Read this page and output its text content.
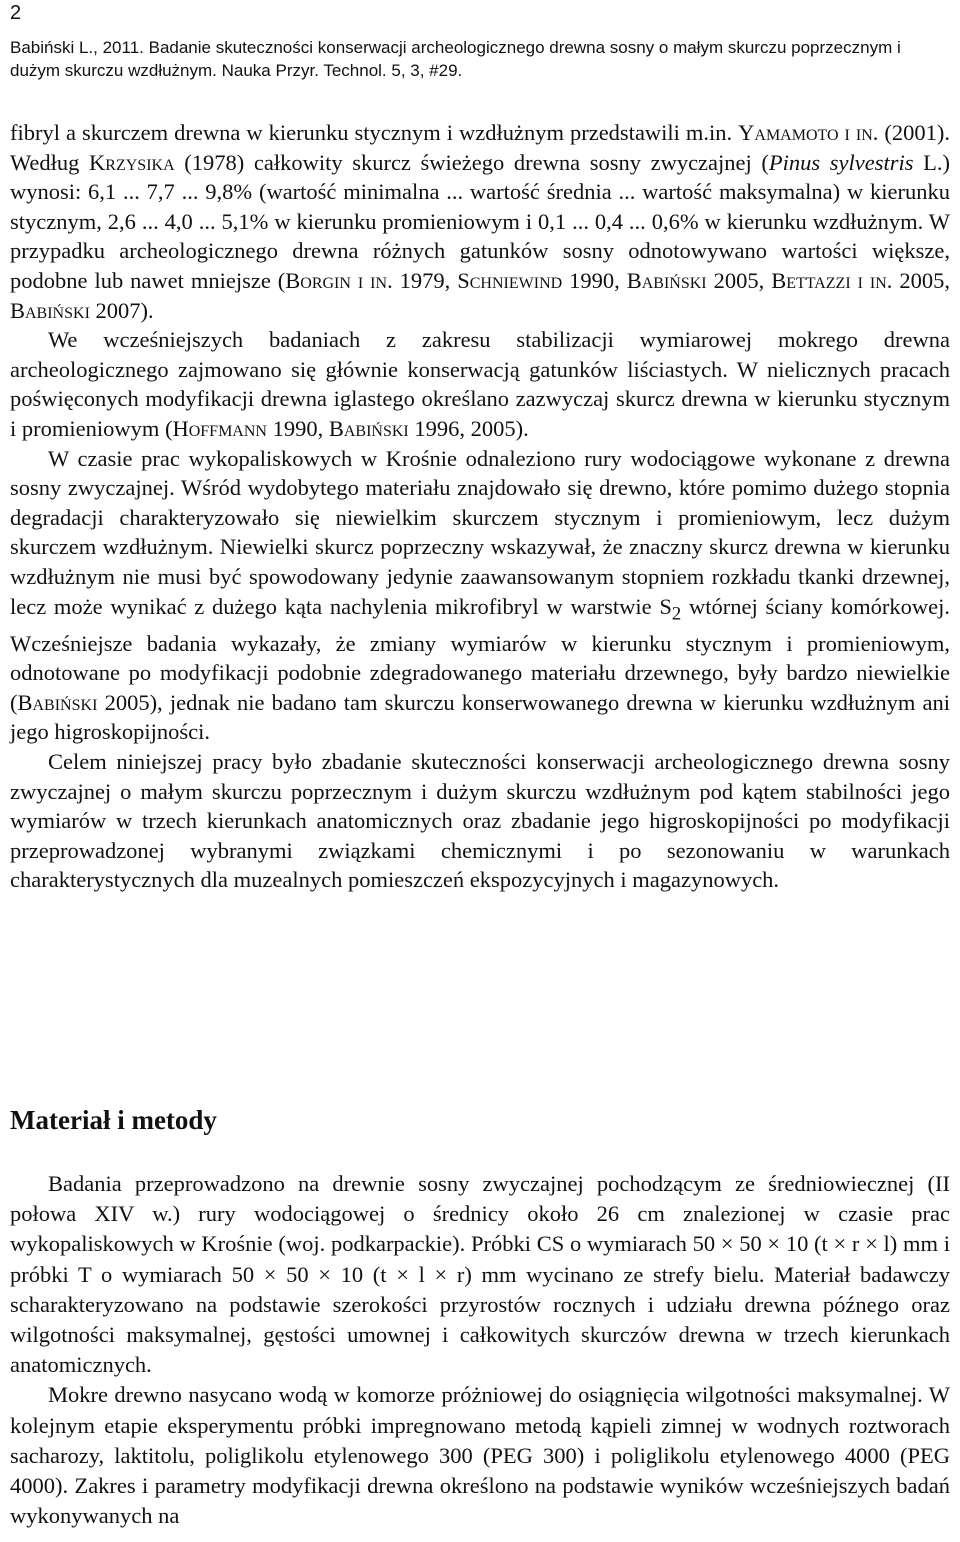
2
Babiński L., 2011. Badanie skuteczności konserwacji archeologicznego drewna sosny o małym skurczu poprzecznym i dużym skurczu wzdłużnym. Nauka Przyr. Technol. 5, 3, #29.

fibryl a skurczem drewna w kierunku stycznym i wzdłużnym przedstawili m.in. Yamamoto i in. (2001). Według Krzysika (1978) całkowity skurcz świeżego drewna sosny zwyczajnej (Pinus sylvestris L.) wynosi: 6,1 ... 7,7 ... 9,8% (wartość minimalna ... wartość średnia ... wartość maksymalna) w kierunku stycznym, 2,6 ... 4,0 ... 5,1% w kierunku promieniowym i 0,1 ... 0,4 ... 0,6% w kierunku wzdłużnym. W przypadku archeologicznego drewna różnych gatunków sosny odnotowywano wartości większe, podobne lub nawet mniejsze (Borgin i in. 1979, Schniewind 1990, Babiński 2005, Bettazzi i in. 2005, Babiński 2007).

We wcześniejszych badaniach z zakresu stabilizacji wymiarowej mokrego drewna archeologicznego zajmowano się głównie konserwacją gatunków liściastych. W nielicznych pracach poświęconych modyfikacji drewna iglastego określano zazwyczaj skurcz drewna w kierunku stycznym i promieniowym (Hoffmann 1990, Babiński 1996, 2005).

W czasie prac wykopaliskowych w Krośnie odnaleziono rury wodociągowe wykonane z drewna sosny zwyczajnej. Wśród wydobytego materiału znajdowało się drewno, które pomimo dużego stopnia degradacji charakteryzowało się niewielkim skurczem stycznym i promieniowym, lecz dużym skurczem wzdłużnym. Niewielki skurcz poprzeczny wskazywał, że znaczny skurcz drewna w kierunku wzdłużnym nie musi być spowodowany jedynie zaawansowanym stopniem rozkładu tkanki drzewnej, lecz może wynikać z dużego kąta nachylenia mikrofibryl w warstwie $S_2$ wtórnej ściany komórkowej. Wcześniejsze badania wykazały, że zmiany wymiarów w kierunku stycznym i promieniowym, odnotowane po modyfikacji podobnie zdegradowanego materiału drzewnego, były bardzo niewielkie (Babiński 2005), jednak nie badano tam skurczu konserwowanego drewna w kierunku wzdłużnym ani jego higroskopijności.

Celem niniejszej pracy było zbadanie skuteczności konserwacji archeologicznego drewna sosny zwyczajnej o małym skurczu poprzecznym i dużym skurczu wzdłużnym pod kątem stabilności jego wymiarów w trzech kierunkach anatomicznych oraz zbadanie jego higroskopijności po modyfikacji przeprowadzonej wybranymi związkami chemicznymi i po sezonowaniu w warunkach charakterystycznych dla muzealnych pomieszczeń ekspozycyjnych i magazynowych.

Materiał i metody

Badania przeprowadzono na drewnie sosny zwyczajnej pochodzącym ze średniowiecznej (II połowa XIV w.) rury wodociągowej o średnicy około 26 cm znalezionej w czasie prac wykopaliskowych w Krośnie (woj. podkarpackie). Próbki CS o wymiarach 50 × 50 × 10 (t × r × l) mm i próbki T o wymiarach 50 × 50 × 10 (t × l × r) mm wycinano ze strefy bielu. Materiał badawczy scharakteryzowano na podstawie szerokości przyrostów rocznych i udziału drewna późnego oraz wilgotności maksymalnej, gęstości umownej i całkowitych skurczów drewna w trzech kierunkach anatomicznych.

Mokre drewno nasycano wodą w komorze próżniowej do osiągnięcia wilgotności maksymalnej. W kolejnym etapie eksperymentu próbki impregnowano metodą kąpieli zimnej w wodnych roztworach sacharozy, laktitolu, poliglikolu etylenowego 300 (PEG 300) i poliglikolu etylenowego 4000 (PEG 4000). Zakres i parametry modyfikacji drewna określono na podstawie wyników wcześniejszych badań wykonywanych na
